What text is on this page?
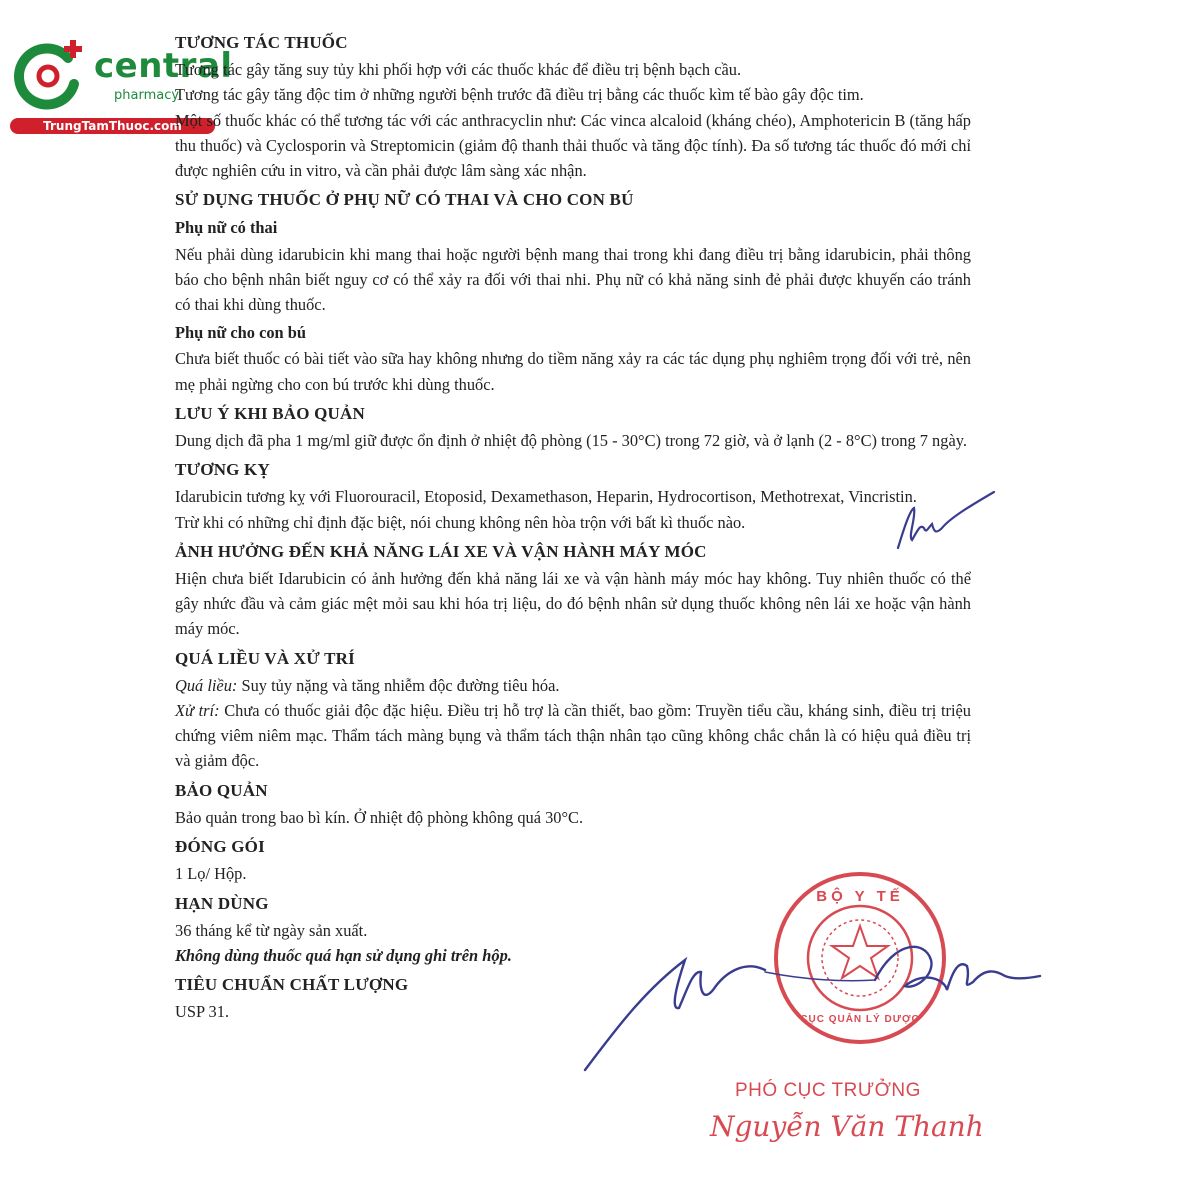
central
pharmacy
TrungTamThuoc.com
TƯƠNG TÁC THUỐC

Tương tác gây tăng suy tủy khi phối hợp với các thuốc khác để điều trị bệnh bạch cầu.

Tương tác gây tăng độc tim ở những người bệnh trước đã điều trị bằng các thuốc kìm tế bào gây độc tim.

Một số thuốc khác có thể tương tác với các anthracyclin như: Các vinca alcaloid (kháng chéo), Amphotericin B (tăng hấp thu thuốc) và Cyclosporin và Streptomicin (giảm độ thanh thải thuốc và tăng độc tính). Đa số tương tác thuốc đó mới chỉ được nghiên cứu in vitro, và cần phải được lâm sàng xác nhận.

SỬ DỤNG THUỐC Ở PHỤ NỮ CÓ THAI VÀ CHO CON BÚ
Phụ nữ có thai

Nếu phải dùng idarubicin khi mang thai hoặc người bệnh mang thai trong khi đang điều trị bằng idarubicin, phải thông báo cho bệnh nhân biết nguy cơ có thể xảy ra đối với thai nhi. Phụ nữ có khả năng sinh đẻ phải được khuyến cáo tránh có thai khi dùng thuốc.

Phụ nữ cho con bú

Chưa biết thuốc có bài tiết vào sữa hay không nhưng do tiềm năng xảy ra các tác dụng phụ nghiêm trọng đối với trẻ, nên mẹ phải ngừng cho con bú trước khi dùng thuốc.

LƯU Ý KHI BẢO QUẢN

Dung dịch đã pha 1 mg/ml giữ được ổn định ở nhiệt độ phòng (15 - 30°C) trong 72 giờ, và ở lạnh (2 - 8°C) trong 7 ngày.

TƯƠNG KỴ

Idarubicin tương kỵ với Fluorouracil, Etoposid, Dexamethason, Heparin, Hydrocortison, Methotrexat, Vincristin.

Trừ khi có những chỉ định đặc biệt, nói chung không nên hòa trộn với bất kì thuốc nào.

ẢNH HƯỞNG ĐẾN KHẢ NĂNG LÁI XE VÀ VẬN HÀNH MÁY MÓC

Hiện chưa biết Idarubicin có ảnh hưởng đến khả năng lái xe và vận hành máy móc hay không. Tuy nhiên thuốc có thể gây nhức đầu và cảm giác mệt mỏi sau khi hóa trị liệu, do đó bệnh nhân sử dụng thuốc không nên lái xe hoặc vận hành máy móc.

QUÁ LIỀU VÀ XỬ TRÍ

Quá liều: Suy tủy nặng và tăng nhiễm độc đường tiêu hóa.

Xử trí: Chưa có thuốc giải độc đặc hiệu. Điều trị hỗ trợ là cần thiết, bao gồm: Truyền tiểu cầu, kháng sinh, điều trị triệu chứng viêm niêm mạc. Thẩm tách màng bụng và thẩm tách thận nhân tạo cũng không chắc chắn là có hiệu quả điều trị và giảm độc.

BẢO QUẢN

Bảo quản trong bao bì kín. Ở nhiệt độ phòng không quá 30°C.

ĐÓNG GÓI

1 Lọ/ Hộp.

HẠN DÙNG

36 tháng kể từ ngày sản xuất.

Không dùng thuốc quá hạn sử dụng ghi trên hộp.

TIÊU CHUẨN CHẤT LƯỢNG

USP 31.

BỘ Y TẾ
CỤC QUẢN LÝ DƯỢC
PHÓ CỤC TRƯỞNG
Nguyễn Văn Thanh
